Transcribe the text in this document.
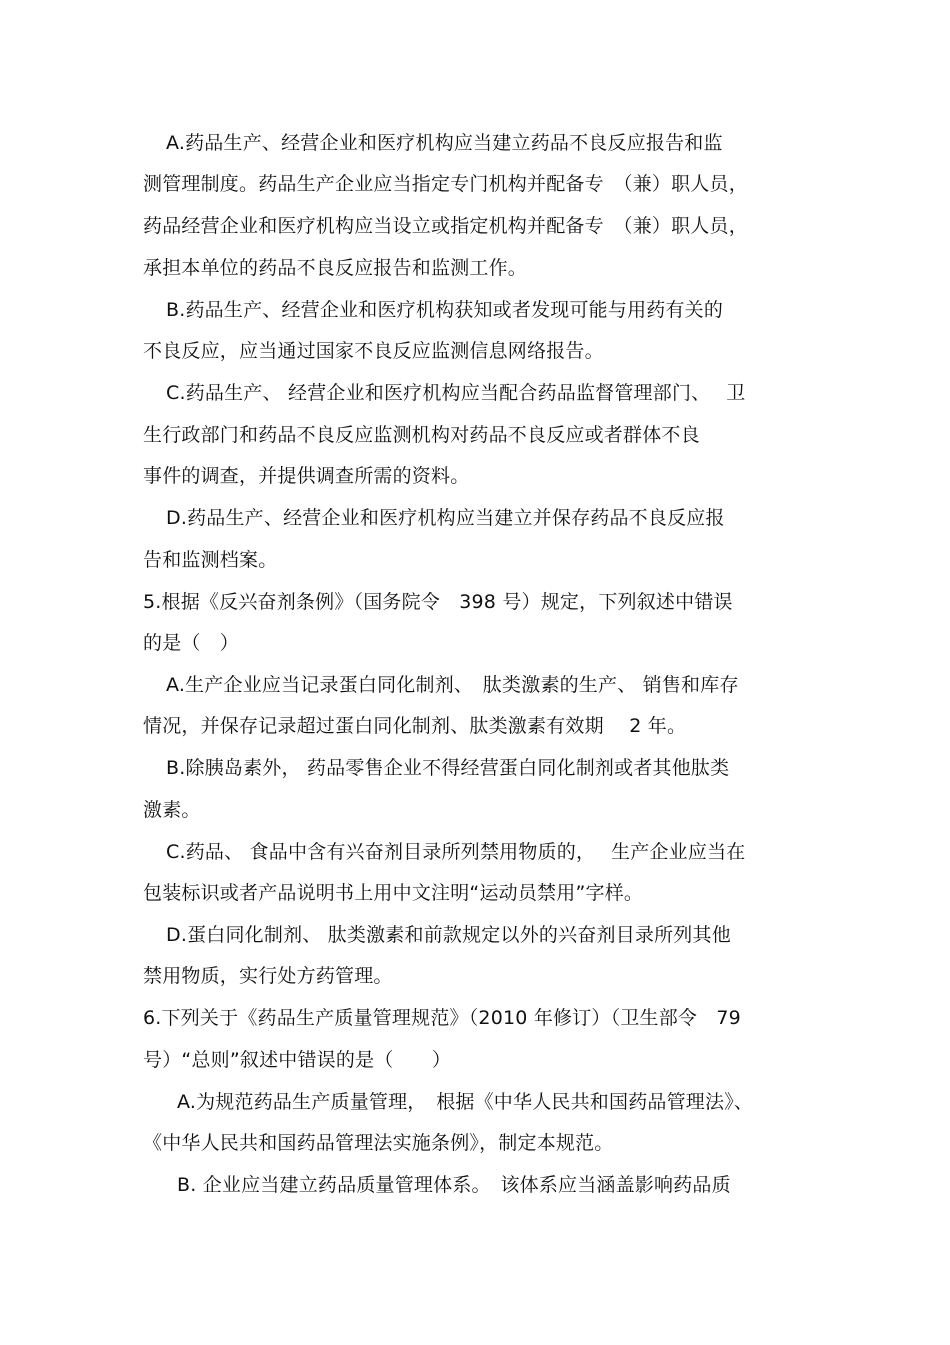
A.药品生产、经营企业和医疗机构应当建立药品不良反应报告和监
测管理制度。药品生产企业应当指定专门机构并配备专　（兼）职人员，
药品经营企业和医疗机构应当设立或指定机构并配备专　（兼）职人员，
承担本单位的药品不良反应报告和监测工作。
B.药品生产、经营企业和医疗机构获知或者发现可能与用药有关的
不良反应，应当通过国家不良反应监测信息网络报告。
C.药品生产、 经营企业和医疗机构应当配合药品监督管理部门、　 卫
生行政部门和药品不良反应监测机构对药品不良反应或者群体不良
事件的调查，并提供调查所需的资料。
D.药品生产、经营企业和医疗机构应当建立并保存药品不良反应报
告和监测档案。
5.根据《反兴奋剂条例》（国务院令　398 号）规定，下列叙述中错误
的是（　）
A.生产企业应当记录蛋白同化制剂、　肽类激素的生产、 销售和库存
情况，并保存记录超过蛋白同化制剂、肽类激素有效期　 2 年。
B.除胰岛素外， 药品零售企业不得经营蛋白同化制剂或者其他肽类
激素。
C.药品、 食品中含有兴奋剂目录所列禁用物质的，　 生产企业应当在
包装标识或者产品说明书上用中文注明“运动员禁用”字样。
D.蛋白同化制剂、 肽类激素和前款规定以外的兴奋剂目录所列其他
禁用物质，实行处方药管理。
6.下列关于《药品生产质量管理规范》（2010 年修订）（卫生部令　79
号）“总则”叙述中错误的是（　　）
A.为规范药品生产质量管理，　根据《中华人民共和国药品管理法》、
《中华人民共和国药品管理法实施条例》，制定本规范。
B. 企业应当建立药品质量管理体系。　该体系应当涵盖影响药品质
